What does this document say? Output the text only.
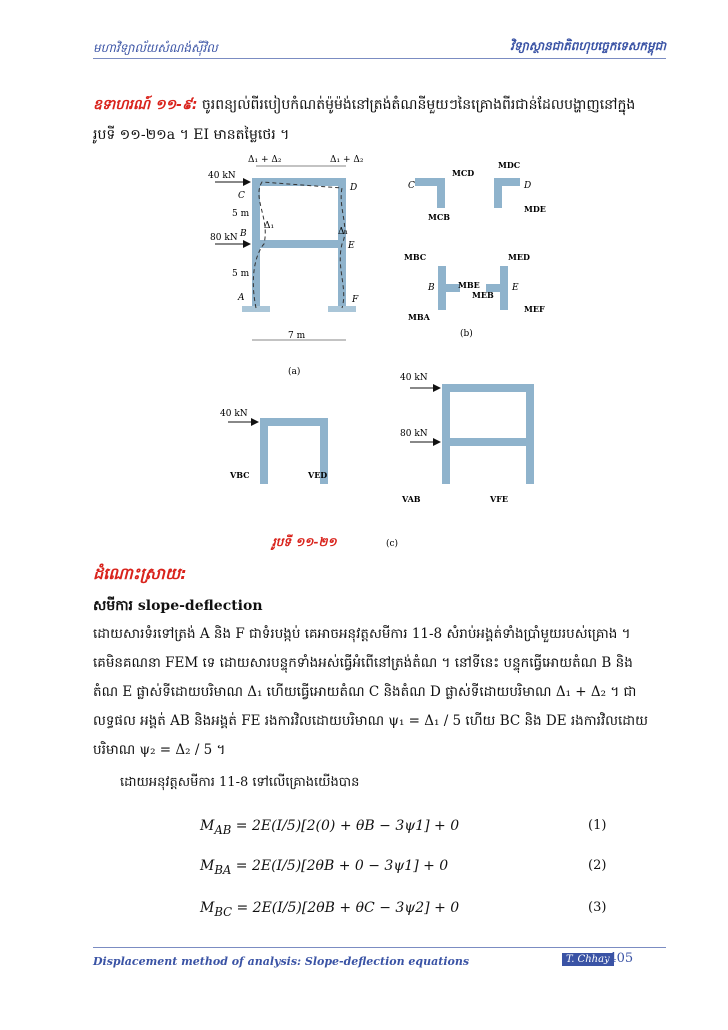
មហាវិទ្យាល័យសំណង់ស៊ីវិល	វិទ្យាស្ថានជាតិពហុបច្ចេកទេសកម្ពុជា
ឧទាហរណ៍ ១១-៩: ចូរពន្យល់ពីរបៀបកំណត់ម៉ូម៉ង់នៅត្រង់តំណនីមួយៗនៃគ្រោងពីរជាន់ដែលបង្ហាញនៅក្នុង
រូបទី ១១-២១a ។ EI មានតម្លៃថេរ ។
Δ₁ + Δ₂	Δ₁ + Δ₂
Δ₁
Δ₁
40 kN
80 kN
C
B
A
D
E
F
5 m
5 m
7 m
(a)
C	D
B	E
MCD
MDC
MCB
MDE
MBC	MED
MBE
MEB
MBA
MEF
(b)
40 kN
VBC	VED
40 kN
80 kN
VAB	VFE
(c)
រូបទី ១១-២១
ដំណោះស្រាយ:
សមីការ slope-deflection
ដោយសារទំរទៅត្រង់ A និង F ជាទំរបង្កប់ គេអាចអនុវត្តសមីការ 11-8 សំរាប់អង្គត់ទាំងប្រាំមួយរបស់គ្រោង ។
គេមិនគណនា FEM ទេ ដោយសារបន្ទុកទាំងអស់ធ្វើអំពើនៅត្រង់តំណ ។ នៅទីនេះ បន្ទុកធ្វើអោយតំណ B និង
តំណ E ផ្លាស់ទីដោយបរិមាណ Δ₁ ហើយធ្វើអោយតំណ C និងតំណ D ផ្លាស់ទីដោយបរិមាណ Δ₁ + Δ₂ ។ ជា
លទ្ធផល អង្គត់ AB និងអង្គត់ FE រងការវិលដោយបរិមាណ ψ₁ = Δ₁ / 5 ហើយ BC និង DE រងការវិលដោយ
បរិមាណ ψ₂ = Δ₂ / 5 ។
ដោយអនុវត្តសមីការ 11-8 ទៅលើគ្រោងយើងបាន
$M_{AB} = 2E(I/5)[2(0) + \theta B - 3\psi 1] + 0$	(1)
$M_{BA} = 2E(I/5)[2\theta B + 0 - 3\psi 1] + 0$	(2)
$M_{BC} = 2E(I/5)[2\theta B + \theta C - 3\psi 2] + 0$	(3)
Displacement method of analysis: Slope-deflection equations	T. Chhay
-405
